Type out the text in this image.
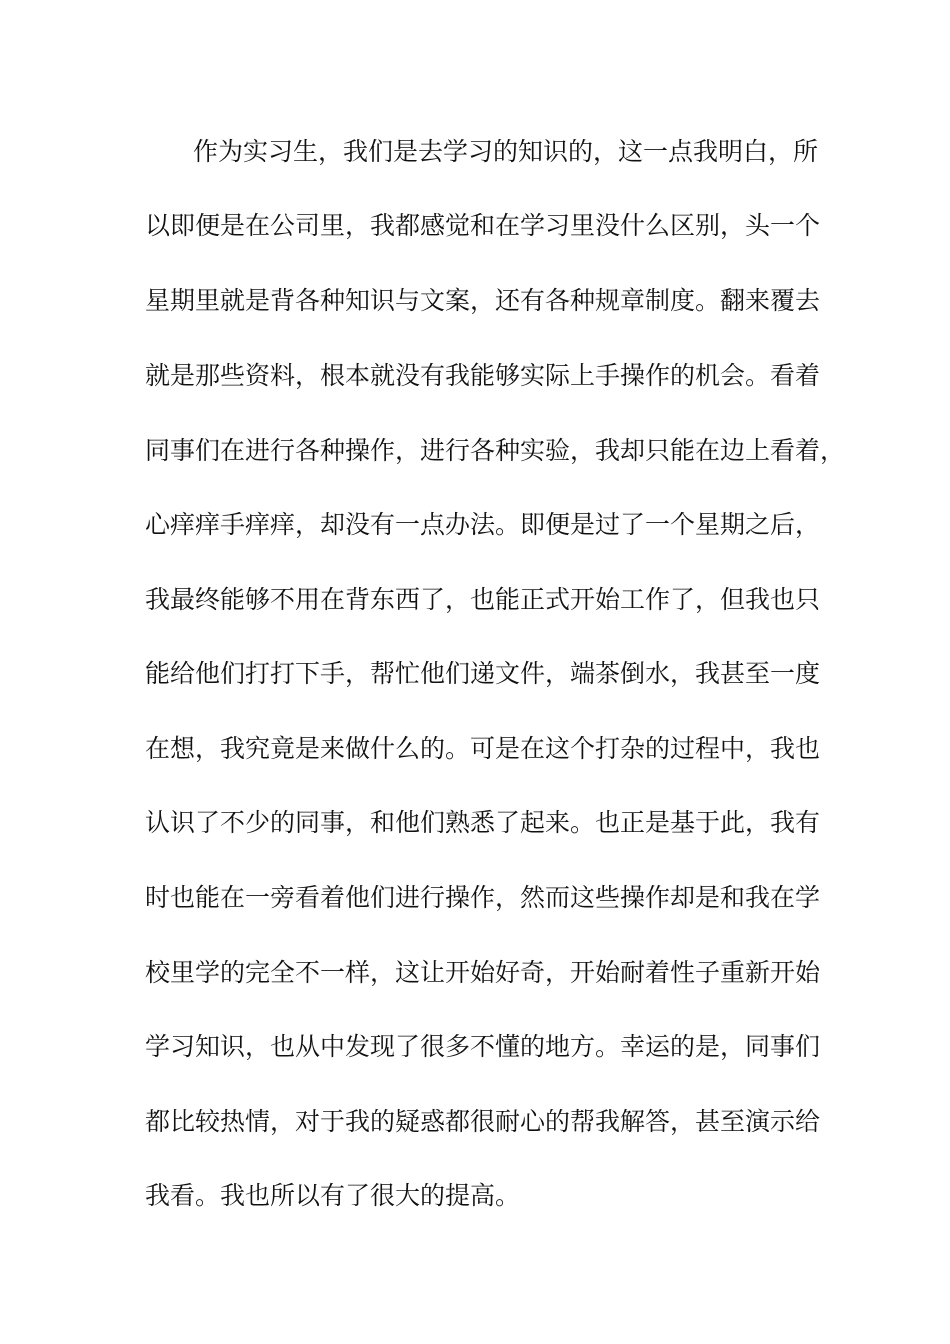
作为实习生，我们是去学习的知识的，这一点我明白，所
以即便是在公司里，我都感觉和在学习里没什么区别，头一个
星期里就是背各种知识与文案，还有各种规章制度。翻来覆去
就是那些资料，根本就没有我能够实际上手操作的机会。看着
同事们在进行各种操作，进行各种实验，我却只能在边上看着，
心痒痒手痒痒，却没有一点办法。即便是过了一个星期之后，
我最终能够不用在背东西了，也能正式开始工作了，但我也只
能给他们打打下手，帮忙他们递文件，端茶倒水，我甚至一度
在想，我究竟是来做什么的。可是在这个打杂的过程中，我也
认识了不少的同事，和他们熟悉了起来。也正是基于此，我有
时也能在一旁看着他们进行操作，然而这些操作却是和我在学
校里学的完全不一样，这让开始好奇，开始耐着性子重新开始
学习知识，也从中发现了很多不懂的地方。幸运的是，同事们
都比较热情，对于我的疑惑都很耐心的帮我解答，甚至演示给
我看。我也所以有了很大的提高。
